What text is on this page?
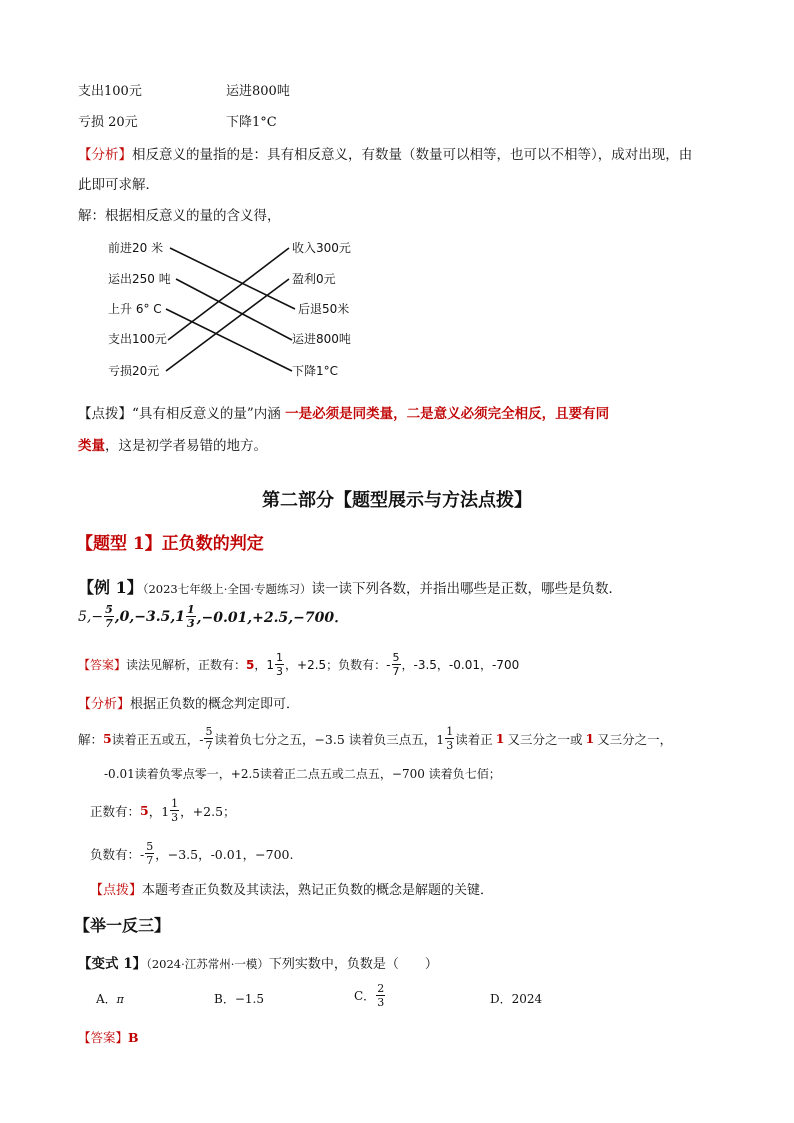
支出100元	运进800吨
亏损 20元	下降1°C
【分析】相反意义的量指的是：具有相反意义，有数量（数量可以相等，也可以不相等），成对出现，由
此即可求解．
解：根据相反意义的量的含义得，
前进20 米
运出250 吨
上升 6° C
支出100元
亏损20元
收入300元
盈利0元
后退50米
运进800吨
下降1°C
【点拨】“具有相反意义的量”内涵 一是必须是同类量，二是意义必须完全相反，且要有同
类量，这是初学者易错的地方。
第二部分【题型展示与方法点拨】
【题型 1】正负数的判定
【例 1】（2023七年级上·全国·专题练习）读一读下列各数，并指出哪些是正数，哪些是负数．
$5,- \frac{5}{7} ,0,-3.5,1 \frac{1}{3} ,-0.01,+2.5,-700$．
【答案】 读法见解析，正数有： 5 ，$1 \frac{1}{3}$ ，+2.5；负数有：- $\frac{5}{7}$ ，-3.5，-0.01，-700
【分析】根据正负数的概念判定即可．
解： 5 读着正五或五，- $\frac{5}{7}$ 读着负七分之五，−3.5 读着负三点五，$1 \frac{1}{3}$ 读着正 1 又三分之一或 1 又三分之一，
-0.01读着负零点零一，+2.5读着正二点五或二点五，−700 读着负七佰；
正数有： 5 ，$1 \frac{1}{3}$ ，+2.5；
负数有：- $\frac{5}{7}$ ，−3.5，-0.01，−700.
【点拨】本题考查正负数及其读法，熟记正负数的概念是解题的关键．
【举一反三】
【变式 1】（2024·江苏常州·一模）下列实数中，负数是（　　）
A．π	B．−1.5	C． $\frac{2}{3}$	D．2024
【答案】B
